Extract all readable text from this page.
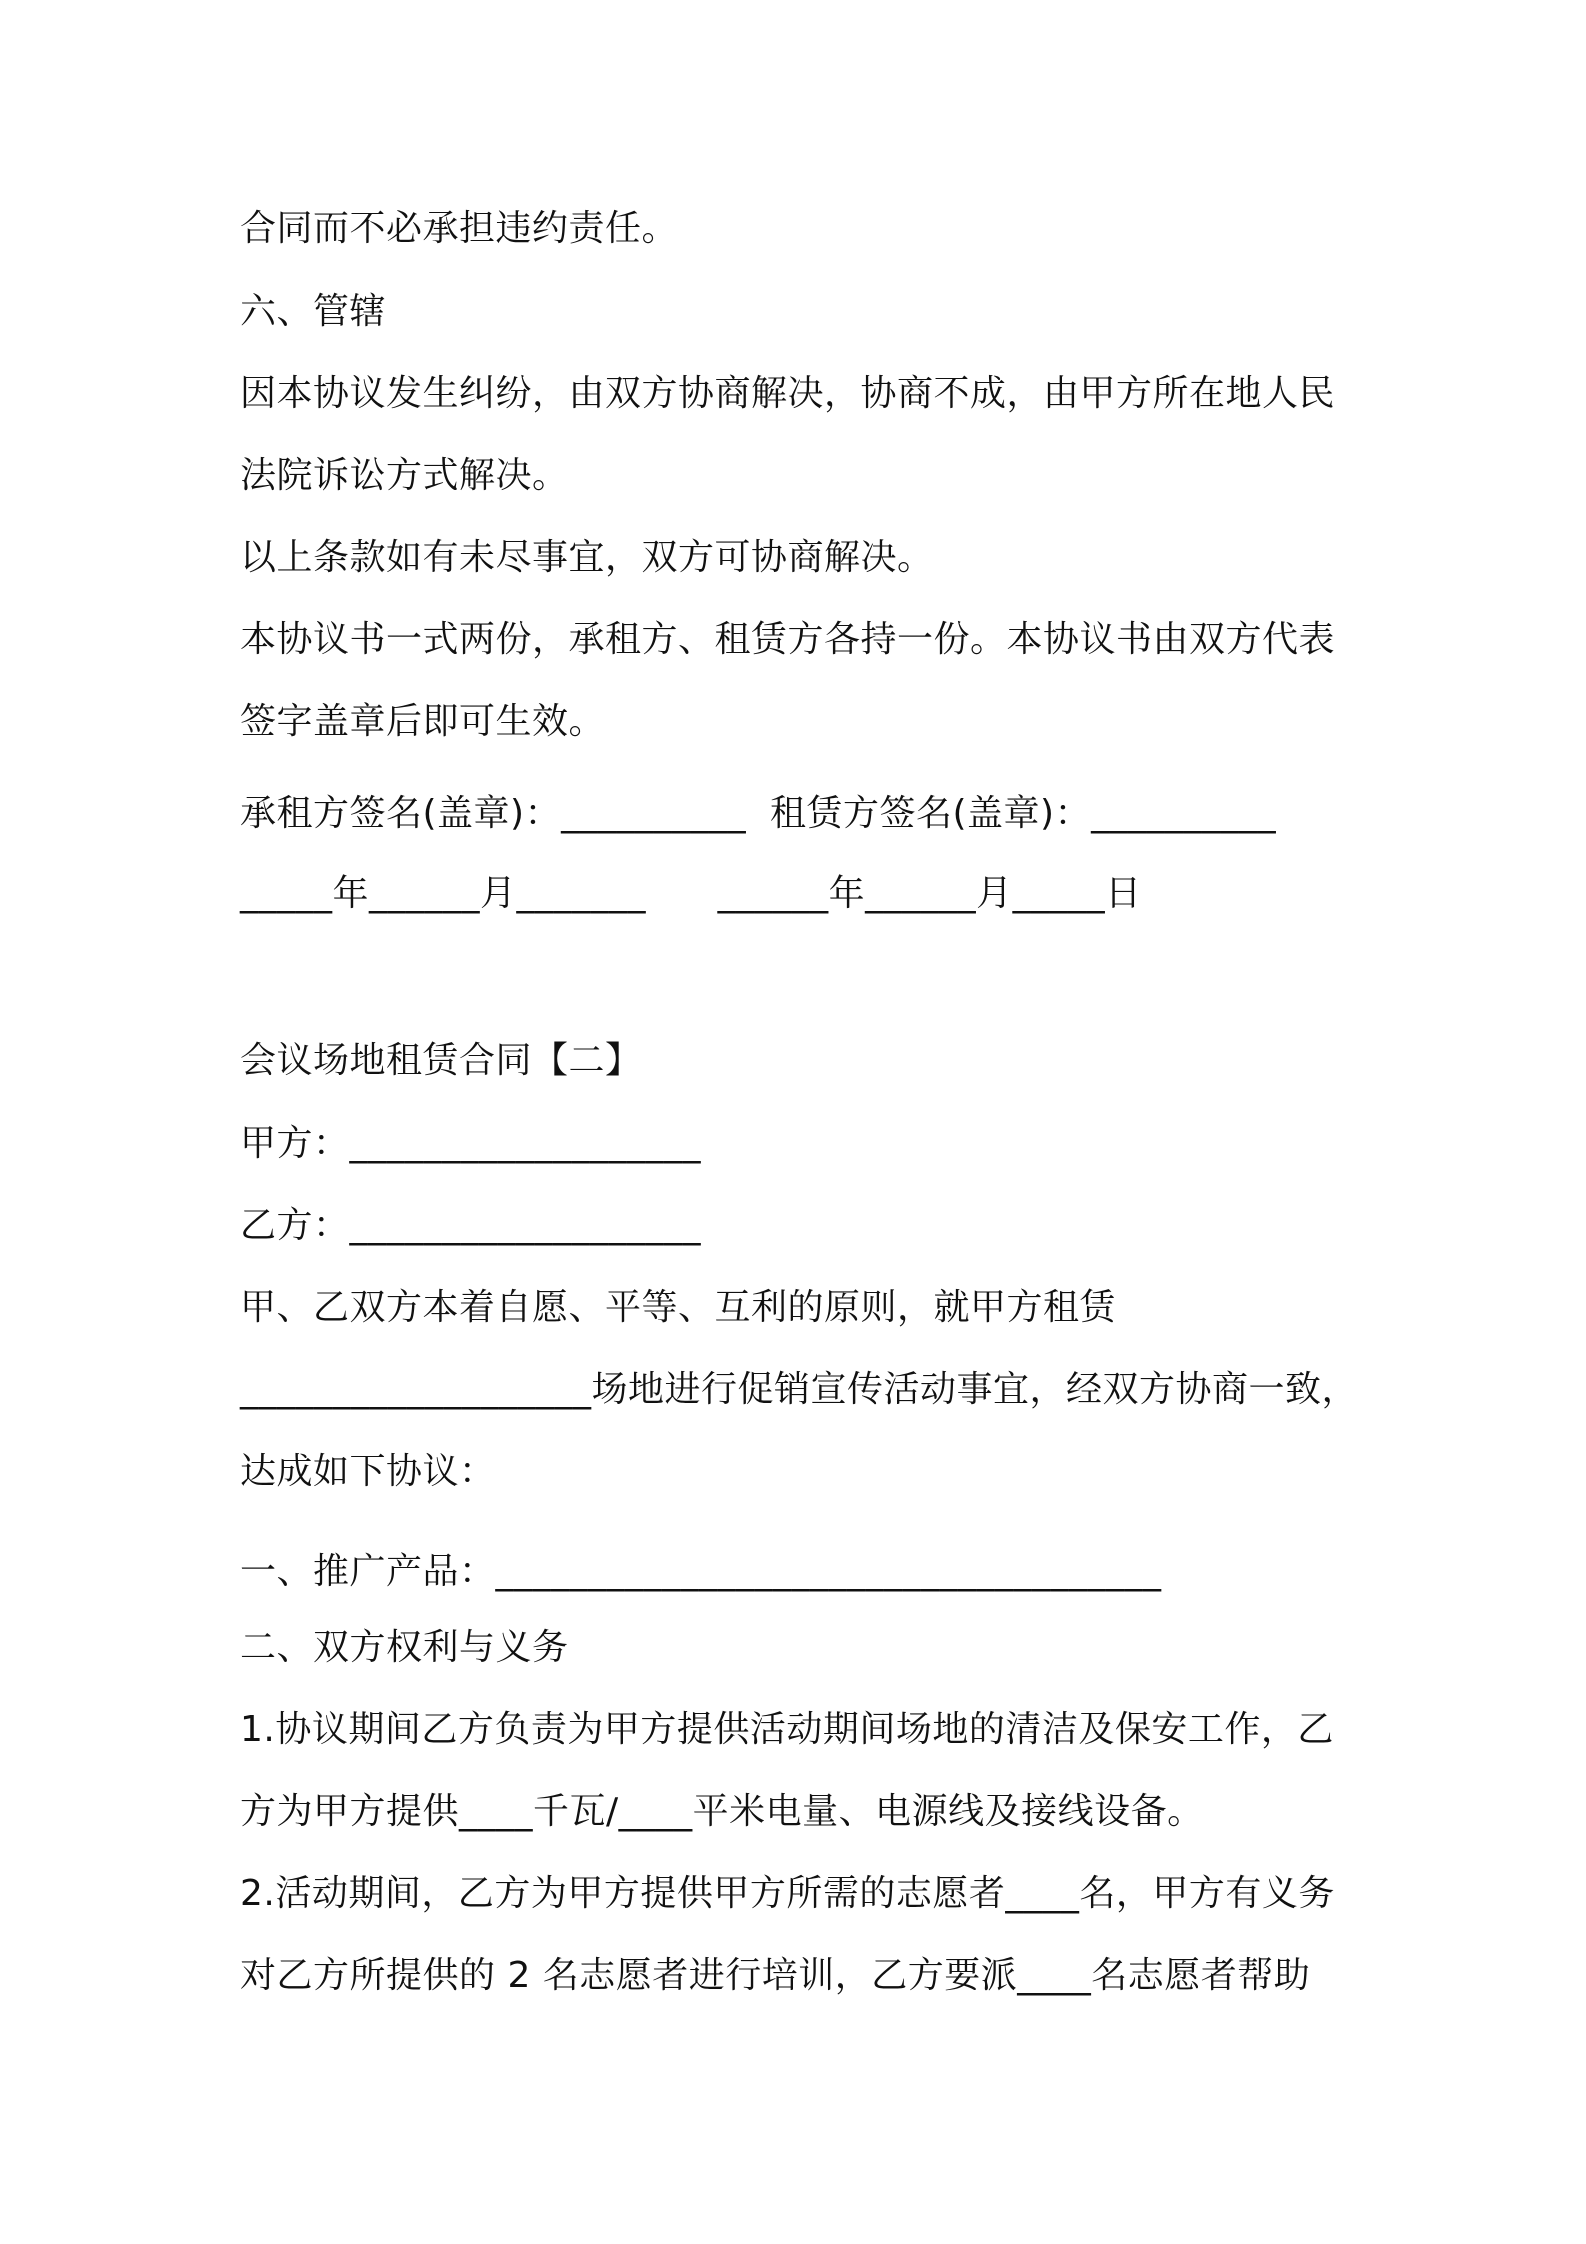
合同而不必承担违约责任。

六、管辖

因本协议发生纠纷，由双方协商解决，协商不成，由甲方所在地人民

法院诉讼方式解决。

以上条款如有未尽事宜，双方可协商解决。

本协议书一式两份，承租方、租赁方各持一份。本协议书由双方代表

签字盖章后即可生效。

承租方签名(盖章)：__________  租赁方签名(盖章)：__________

_____年______月_______      ______年______月_____日

会议场地租赁合同【二】

甲方：___________________

乙方：___________________

甲、乙双方本着自愿、平等、互利的原则，就甲方租赁

___________________场地进行促销宣传活动事宜，经双方协商一致，

达成如下协议：

一、推广产品：____________________________________

二、双方权利与义务

1.协议期间乙方负责为甲方提供活动期间场地的清洁及保安工作，乙

方为甲方提供____千瓦/____平米电量、电源线及接线设备。

2.活动期间，乙方为甲方提供甲方所需的志愿者____名，甲方有义务

对乙方所提供的 2 名志愿者进行培训，乙方要派____名志愿者帮助
